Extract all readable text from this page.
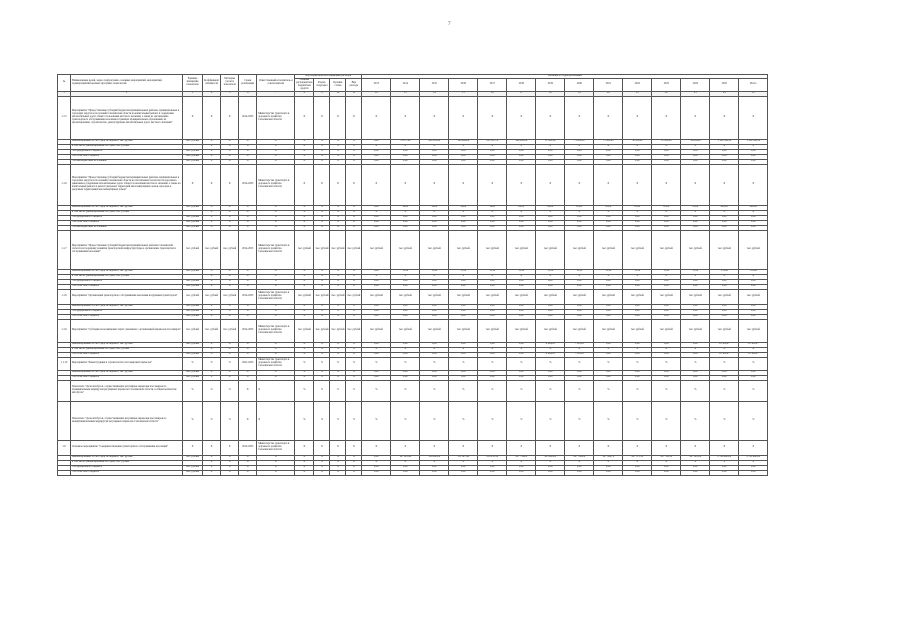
7
№	Наименование целей, задач, подпрограмм, основных мероприятий, мероприятий, подмероприятий целевых программ, показателей	Единица измерения показателя	Коэффициент значимости	Методика расчета показателя	Сроки реализации	Ответственный исполнитель и соисполнители	Код бюджетной классификации расходов				Значение по годам реализации													
							Главный распорядитель бюджетных средств	Раздел, подраздел	Целевая статья	Вид расхода	2013	2014	2015	2016	2017	2018	2019	2020	2021	2022	2023	2024	2025	Итого
1	2	3	4	5	6	7	8	9	10	11	12	13	14	15	16	17	18	19	20	21	22	23	24	25
1.1.5	Мероприятие "Предоставление субсидий бюджетам муниципальных районов, муниципальных и городских округов и поселений Сахалинской области на капитальный ремонт и содержание автомобильных дорог общего пользования местного значения, а также на организацию транспортного обслуживания населения в границах муниципальных образований, на проектирование, строительство, реконструкцию автомобильных дорог местного значения"	Х	Х	Х	2014-2025	Министерство транспорта и дорожного хозяйства Сахалинской области	Х	Х	Х	Х	Х	Х	Х	Х	Х	Х	Х	Х	Х	Х	Х	Х	Х	Х
	Финансирование за счет средств бюджета, тыс. рублей	тыс. рублей	Х	Х	Х	Х	Х	Х	Х	Х	0,00	78 677,00	209 165,00	168 984,00	225 367,70	149 000,00	87 822,90	75 000,00	71 432,90	36 100,00	12 820,00	34 000,00	1 188 369,50	1 188 369,50
	в том числе, финансирование по годам, тыс. рублей		Х	Х	Х	Х	Х	Х	Х	Х	Х	Х	Х	Х	Х	Х	Х	Х	Х	Х	Х	Х	Х	Х
	- из федерального бюджета	тыс. рублей	Х	Х	Х	Х	Х	Х	Х	Х	0,00	0,00	0,00	0,00	0,00	0,00	0,00	0,00	0,00	0,00	0,00	0,00	0,00	0,00
	- из областного бюджета	тыс. рублей	Х	Х	Х	Х	Х	Х	Х	Х	0,00	0,00	0,00	0,00	0,00	0,00	0,00	0,00	0,00	0,00	0,00	0,00	0,00	0,00
	- из внебюджетных источников	тыс. рублей	Х	Х	Х	Х	Х	Х	Х	Х	0,00	0,00	0,00	0,00	0,00	0,00	0,00	0,00	0,00	0,00	0,00	0,00	0,00	0,00
1.1.6	Мероприятие "Предоставление субсидий бюджетам муниципальных районов, муниципальных и городских округов и поселений Сахалинской области на обеспечение безопасности дорожного движения и содержание автомобильных дорог общего пользования местного значения, а также на капитальный ремонт и ремонт дворовых территорий многоквартирных домов, проездов к дворовым территориям многоквартирных домов"	Х	Х	Х	2014-2025	Министерство транспорта и дорожного хозяйства Сахалинской области	Х	Х	Х	Х	Х	Х	Х	Х	Х	Х	Х	Х	Х	Х	Х	Х	Х	Х
	Финансирование за счет средств бюджета, тыс. рублей	тыс. рублей	Х	Х	Х	Х	Х	Х	Х	Х	0,00	34,00	34,00	34,00	34,00	60,00	60,00	65,00	65,00	65,00	65,00	65,00	626,00	626,00
	в том числе, финансирование по годам, тыс. рублей		Х	Х	Х	Х	Х	Х	Х	Х	Х	Х	Х	Х	Х	Х	Х	Х	Х	Х	Х	Х	Х	Х
	- из федерального бюджета	тыс. рублей	Х	Х	Х	Х	Х	Х	Х	Х	0,00	0,00	0,00	0,00	0,00	0,00	0,00	0,00	0,00	0,00	0,00	0,00	0,00	0,00
	- из областного бюджета	тыс. рублей	Х	Х	Х	Х	Х	Х	Х	Х	0,00	0,00	0,00	0,00	0,00	0,00	0,00	0,00	0,00	0,00	0,00	0,00	0,00	0,00
	- из внебюджетных источников	тыс. рублей	Х	Х	Х	Х	Х	Х	Х	Х	0,00	0,00	0,00	0,00	0,00	0,00	0,00	0,00	0,00	0,00	0,00	0,00	0,00	0,00
1.1.7	Мероприятие "Предоставление субсидий бюджетам муниципальных районов Сахалинской области на поддержку развития транспортной инфраструктуры и организацию транспортного обслуживания населения"	тыс. рублей	тыс. рублей	тыс. рублей	2014-2025	Министерство транспорта и дорожного хозяйства Сахалинской области	тыс. рублей	тыс. рублей	тыс. рублей	тыс. рублей	тыс. рублей	тыс. рублей	тыс. рублей	тыс. рублей	тыс. рублей	тыс. рублей	тыс. рублей	тыс. рублей	тыс. рублей	тыс. рублей	тыс. рублей	тыс. рублей	тыс. рублей	тыс. рублей
	Финансирование за счет средств бюджета, тыс. рублей	тыс. рублей	Х	Х	Х	Х	Х	Х	Х	Х	0,00	11,30	11,30	11,30	11,30	11,30	11,30	11,30	11,30	11,30	11,30	11,30	135,60	135,60
	в том числе, финансирование по годам, тыс. рублей		Х	Х	Х	Х	Х	Х	Х	Х	Х	Х	Х	Х	Х	Х	Х	Х	Х	Х	Х	Х	Х	Х
	- из федерального бюджета	тыс. рублей	Х	Х	Х	Х	Х	Х	Х	Х	0,00	0,00	0,00	0,00	0,00	0,00	0,00	0,00	0,00	0,00	0,00	0,00	0,00	0,00
	- из областного бюджета	тыс. рублей	Х	Х	Х	Х	Х	Х	Х	Х	0,00	0,00	0,00	0,00	0,00	0,00	0,00	0,00	0,00	0,00	0,00	0,00	0,00	0,00
1.1.8	Мероприятие "Организация транспортного обслуживания населения воздушным транспортом"	тыс. рублей	тыс. рублей	тыс. рублей	2014-2025	Министерство транспорта и дорожного хозяйства Сахалинской области	тыс. рублей	тыс. рублей	тыс. рублей	тыс. рублей	тыс. рублей	тыс. рублей	тыс. рублей	тыс. рублей	тыс. рублей	тыс. рублей	тыс. рублей	тыс. рублей	тыс. рублей	тыс. рублей	тыс. рублей	тыс. рублей	тыс. рублей	тыс. рублей
	Финансирование за счет средств бюджета, тыс. рублей	тыс. рублей	Х	Х	Х	Х	Х	Х	Х	Х	0,00	0,00	0,00	0,00	0,00	0,00	0,00	0,00	0,00	0,00	0,00	0,00	0,00	0,00
	- из федерального бюджета	тыс. рублей	Х	Х	Х	Х	Х	Х	Х	Х	0,00	0,00	0,00	0,00	0,00	0,00	0,00	0,00	0,00	0,00	0,00	0,00	0,00	0,00
	- из областного бюджета	тыс. рублей	Х	Х	Х	Х	Х	Х	Х	Х	0,00	0,00	0,00	0,00	0,00	0,00	0,00	0,00	0,00	0,00	0,00	0,00	0,00	0,00
1.1.9	Мероприятие "Субсидии на возмещение затрат, связанных с организацией перевозок пассажиров"	тыс. рублей	тыс. рублей	тыс. рублей	2014-2025	Министерство транспорта и дорожного хозяйства Сахалинской области	тыс. рублей	тыс. рублей	тыс. рублей	тыс. рублей	тыс. рублей	тыс. рублей	тыс. рублей	тыс. рублей	тыс. рублей	тыс. рублей	тыс. рублей	тыс. рублей	тыс. рублей	тыс. рублей	тыс. рублей	тыс. рублей	тыс. рублей	тыс. рублей
	Финансирование за счет средств бюджета, тыс. рублей	тыс. рублей	Х	Х	Х	Х	Х	Х	Х	Х	0,00	0,00	0,00	0,00	0,00	0,00	4 984,85	7 395,22	0,00	0,00	0,00	0,00	12 380,07	12 380,07
	в том числе, финансирование по годам, тыс. рублей		Х	Х	Х	Х	Х	Х	Х	Х	Х	Х	Х	Х	Х	Х	Х	Х	Х	Х	Х	Х	Х	Х
	- из областного бюджета	тыс. рублей	Х	Х	Х	Х	Х	Х	Х	Х	0,00	0,00	0,00	0,00	0,00	0,00	4 984,85	7 395,22	0,00	0,00	0,00	0,00	12 380,07	12 380,07
1.1.10	Мероприятие "Реконструкция и строительство пассажирских причалов"	%	%	%	2021-2025	Министерство транспорта и дорожного хозяйства Сахалинской области	%	%	%	%	%	%	%	%	%	%	%	%	%	%	%	%	%	%
	Финансирование за счет средств бюджета, тыс. рублей	тыс. рублей	Х	Х	Х	Х	Х	Х	Х	Х	0,00	0,00	0,00	0,00	0,00	0,00	0,00	0,00	0,00	0,00	0,00	0,00	0,00	0,00
	- из областного бюджета	тыс. рублей	Х	Х	Х	Х	Х	Х	Х	Х	0,00	0,00	0,00	0,00	0,00	0,00	0,00	0,00	0,00	0,00	0,00	0,00	0,00	0,00
	Показатель "Доля автобусов, осуществляющих регулярные перевозки пассажиров по муниципальным маршрутам регулярных перевозок Сахалинской области, в общем количестве автобусов"	%	%	%	Х	Х	%	%	%	%	%	%	%	%	%	%	%	%	%	%	%	%	%	%
	Показатель "Доля автобусов, осуществляющих регулярные перевозки пассажиров по межмуниципальным маршрутам регулярных перевозок Сахалинской области"	%	%	%	Х	Х	%	%	%	%	%	%	%	%	%	%	%	%	%	%	%	%	%	%
1.6	Основное мероприятие "Совершенствование транспортного обслуживания населения"	Х	Х	Х	2014-2025	Министерство транспорта и дорожного хозяйства Сахалинской области	Х	Х	Х	Х	Х	Х	Х	Х	Х	Х	Х	Х	Х	Х	Х	Х	Х	Х
	Финансирование за счет средств бюджета, тыс. рублей	тыс. рублей	Х	Х	Х	Х	Х	Х	Х	Х	0,00	167 025,40	314 200,00	311 627,40	256 035,10	207 754,00	203 800,00	207 766,00	197 594,70	207 371,10	207 706,10	207 601,20	2 788 460,00	2 788 460,00
	в том числе, финансирование по годам, тыс. рублей		Х	Х	Х	Х	Х	Х	Х	Х	Х	Х	Х	Х	Х	Х	Х	Х	Х	Х	Х	Х	Х	Х
	- из федерального бюджета	тыс. рублей	Х	Х	Х	Х	Х	Х	Х	Х	0,00	0,00	0,00	0,00	0,00	0,00	0,00	0,00	0,00	0,00	0,00	0,00	0,00	0,00
	- из областного бюджета	тыс. рублей	Х	Х	Х	Х	Х	Х	Х	Х	0,00	0,00	0,00	0,00	0,00	0,00	0,00	0,00	0,00	0,00	0,00	0,00	0,00	0,00
